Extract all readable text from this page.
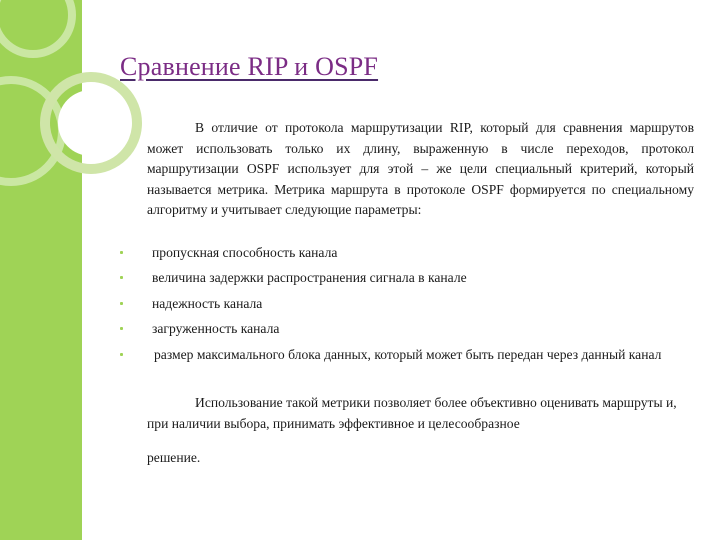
Сравнение RIP и OSPF

В отличие от протокола маршрутизации RIP, который для сравнения маршрутов может использовать только их длину, выраженную в числе переходов, протокол маршрутизации OSPF использует для этой – же цели специальный критерий, который называется метрика. Метрика маршрута в протоколе OSPF формируется по специальному алгоритму и учитывает следующие параметры:

пропускная способность канала
величина задержки распространения сигнала в канале
надежность канала
загруженность канала
размер максимального блока данных, который может быть передан через данный канал

Использование такой метрики позволяет более объективно оценивать маршруты и, при наличии выбора, принимать эффективное и целесообразное

решение.
